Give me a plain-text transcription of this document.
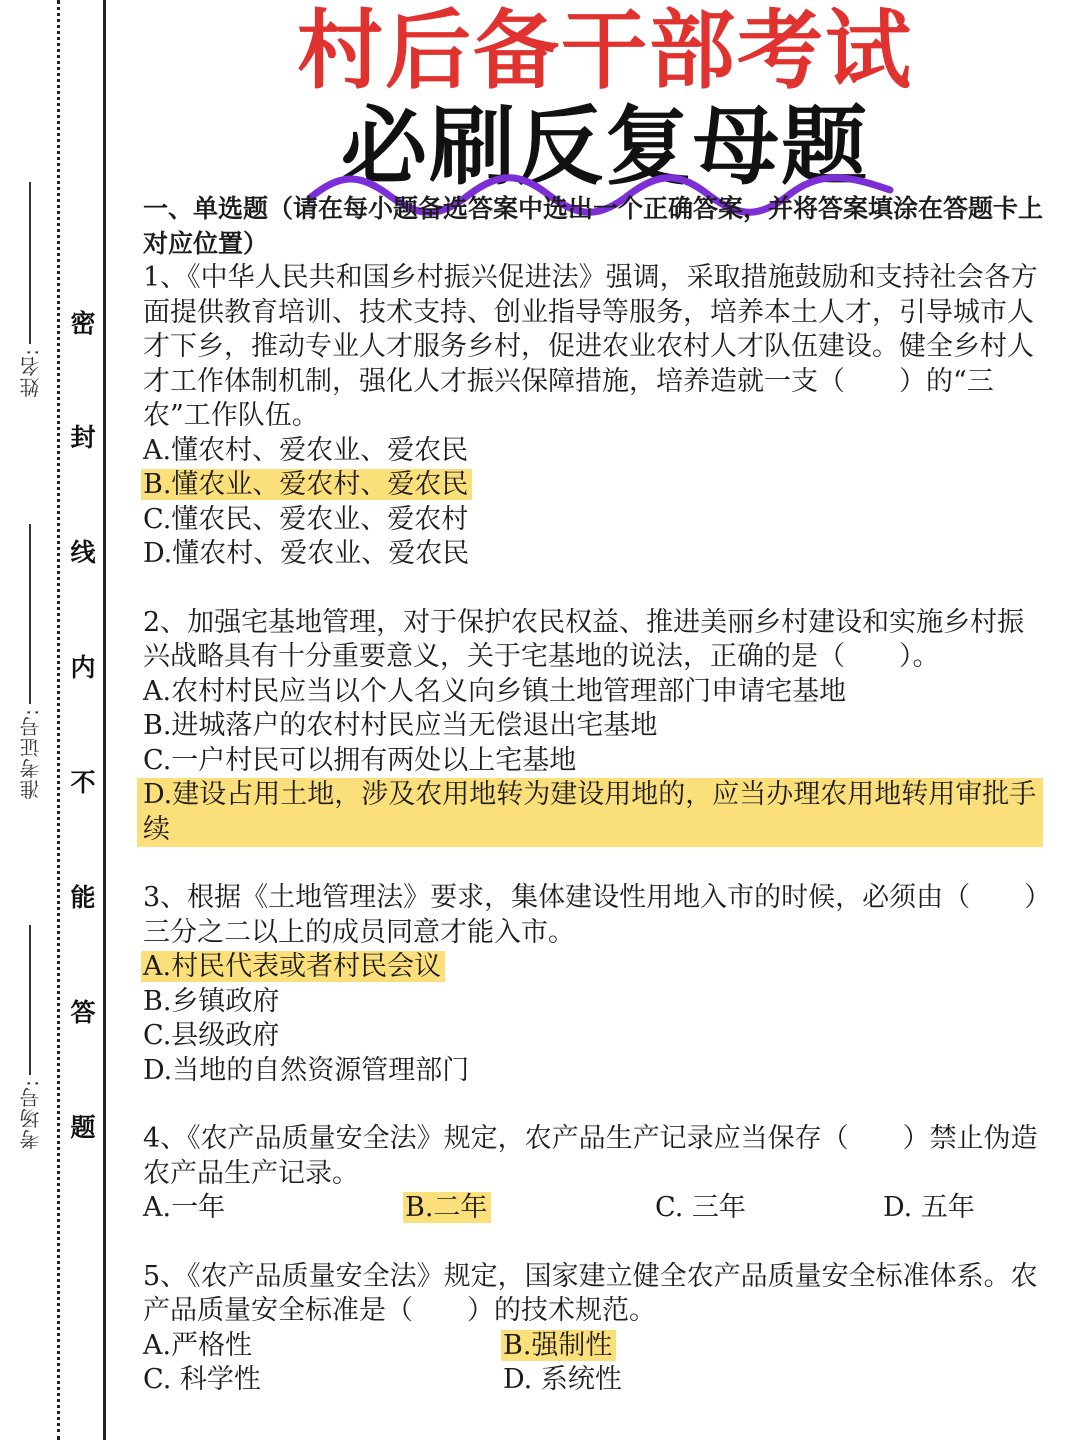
姓名:
准考证号:
考场号:
密
封
线
内
不
能
答
题
村后备干部考试
必刷反复母题
一、单选题（请在每小题备选答案中选出一个正确答案，并将答案填涂在答题卡上对应位置）
1、《中华人民共和国乡村振兴促进法》强调，采取措施鼓励和支持社会各方面提供教育培训、技术支持、创业指导等服务，培养本土人才，引导城市人才下乡，推动专业人才服务乡村，促进农业农村人才队伍建设。健全乡村人才工作体制机制，强化人才振兴保障措施，培养造就一支（　　）的“三农”工作队伍。
A.懂农村、爱农业、爱农民
B.懂农业、爱农村、爱农民
C.懂农民、爱农业、爱农村
D.懂农村、爱农业、爱农民
2、加强宅基地管理，对于保护农民权益、推进美丽乡村建设和实施乡村振兴战略具有十分重要意义，关于宅基地的说法，正确的是（　　）。
A.农村村民应当以个人名义向乡镇土地管理部门申请宅基地
B.进城落户的农村村民应当无偿退出宅基地
C.一户村民可以拥有两处以上宅基地
D.建设占用土地，涉及农用地转为建设用地的，应当办理农用地转用审批手续
3、根据《土地管理法》要求，集体建设性用地入市的时候，必须由（　　）三分之二以上的成员同意才能入市。
A.村民代表或者村民会议
B.乡镇政府
C.县级政府
D.当地的自然资源管理部门
4、《农产品质量安全法》规定，农产品生产记录应当保存（　　）禁止伪造农产品生产记录。
A.一年	B.二年	C. 三年	D. 五年
5、《农产品质量安全法》规定，国家建立健全农产品质量安全标准体系。农产品质量安全标准是（　　）的技术规范。
A.严格性	B.强制性
C. 科学性	D. 系统性
